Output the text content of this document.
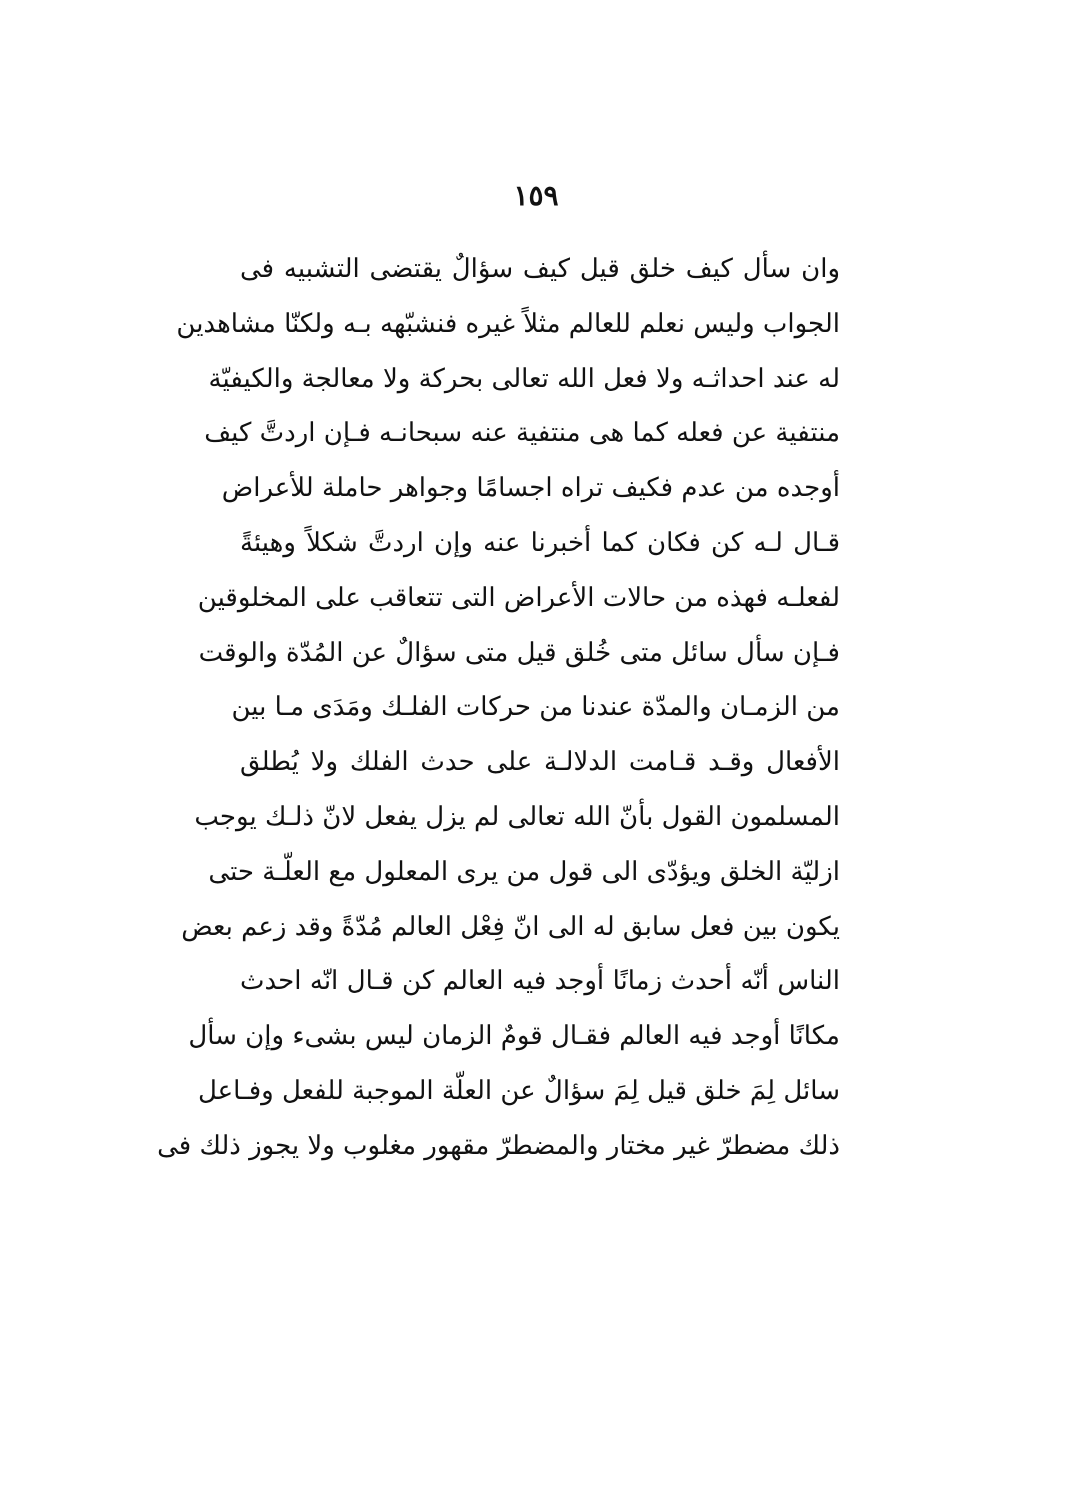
١٥٩
وان سأل كيف خلق قيل كيف سؤالٌ يقتضى التشبيه فى
الجواب وليس نعلم للعالم مثلاً غيره فنشبّهه بـه ولكنّا مشاهدين
له عند احداثـه ولا فعل الله تعالى بحركة ولا معالجة والكيفيّة
منتفية عن فعله كما هى منتفية عنه سبحانـه فـإن اردتَّ كيف
أوجده من عدم فكيف تراه اجسامًا وجواهر حاملة للأعراض
قـال لـه كن فكان كما أخبرنا عنه وإن اردتَّ شكلاً وهيئةً
لفعلـه فهذه من حالات الأعراض التى تتعاقب على المخلوقين
فـإن سأل سائل متى خُلق قيل متى سؤالٌ عن المُدّة والوقت
من الزمـان والمدّة عندنا من حركات الفلـك ومَدَى مـا بين
الأفعال وقـد قـامت الدلالـة على حدث الفلك ولا يُطلق
المسلمون القول بأنّ الله تعالى لم يزل يفعل لانّ ذلـك يوجب
ازليّة الخلق ويؤدّى الى قول من يرى المعلول مع العلّـة حتى
يكون بين فعل سابق له الى انّ فِعْل العالم مُدّةً وقد زعم بعض
الناس أنّه أحدث زمانًا أوجد فيه العالم كن قـال انّه احدث
مكانًا أوجد فيه العالم فقـال قومٌ الزمان ليس بشىء وإن سأل
سائل لِمَ خلق قيل لِمَ سؤالٌ عن العلّة الموجبة للفعل وفـاعل
ذلك مضطرّ غير مختار والمضطرّ مقهور مغلوب ولا يجوز ذلك فى
